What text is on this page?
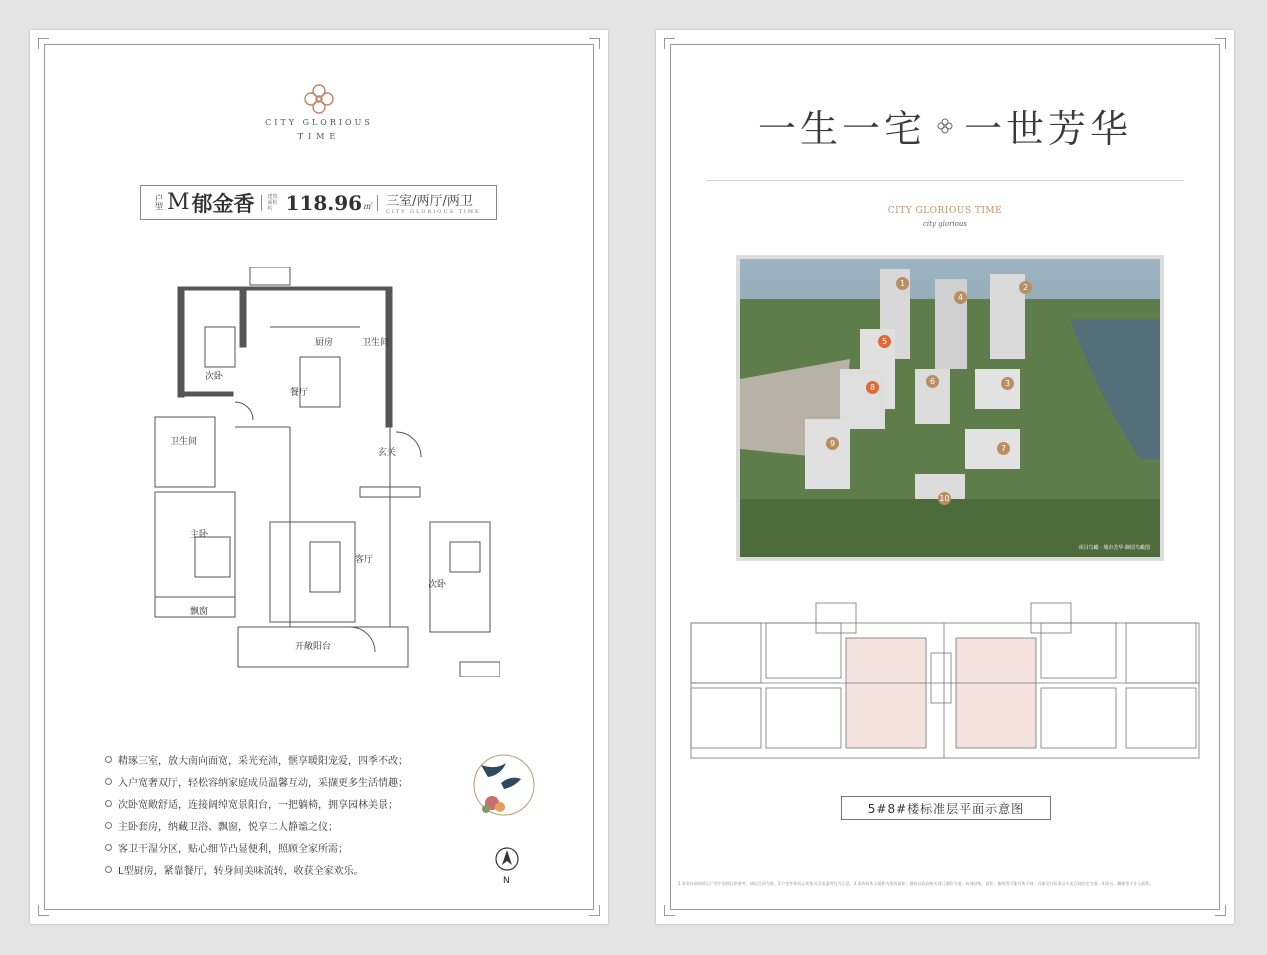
CITY GLORIOUS
TIME
户型 M 郁金香	建筑面积约 118.96 ㎡ 三室/两厅/两卫
CITY GLORIOUS TIME
次卧
厨房	卫生间
餐厅
卫生间
玄关
主卧
客厅
次卧
飘窗
开敞阳台
精琢三室，放大南向面宽，采光充沛，惬享暖阳宠爱，四季不改；
入户宽奢双厅，轻松容纳家庭成员温馨互动，采撷更多生活情趣；
次卧宽敞舒适，连接阔绰宽景阳台，一把躺椅，拥享园林美景；
主卧套房，纳藏卫浴、飘窗，悦享二人静谧之仪；
客卫干湿分区，贴心细节凸显便利，照顾全家所需；
L型厨房，紧靠餐厅，转身间美味流转，收获全家欢乐。
N
一生一宅 一世芳华
CITY GLORIOUS TIME
city glorious
1	2
3
4
5
6
7
8
9
10
项目鸟瞰 · 城市芳华·御园鸟瞰图
5#8#楼标准层平面示意图
1.本宣传资料所示户型平面图仅供参考，请以合同为准。2.户型中所标示的家具及电器等仅为示意。3.本资料所示面积为建筑面积，最终以政府相关部门测绘为准。局部结构、面积、窗线等可能有所不同，具体交付标准以买卖合同约定为准。4.阳台、飘窗等不计入面积。
